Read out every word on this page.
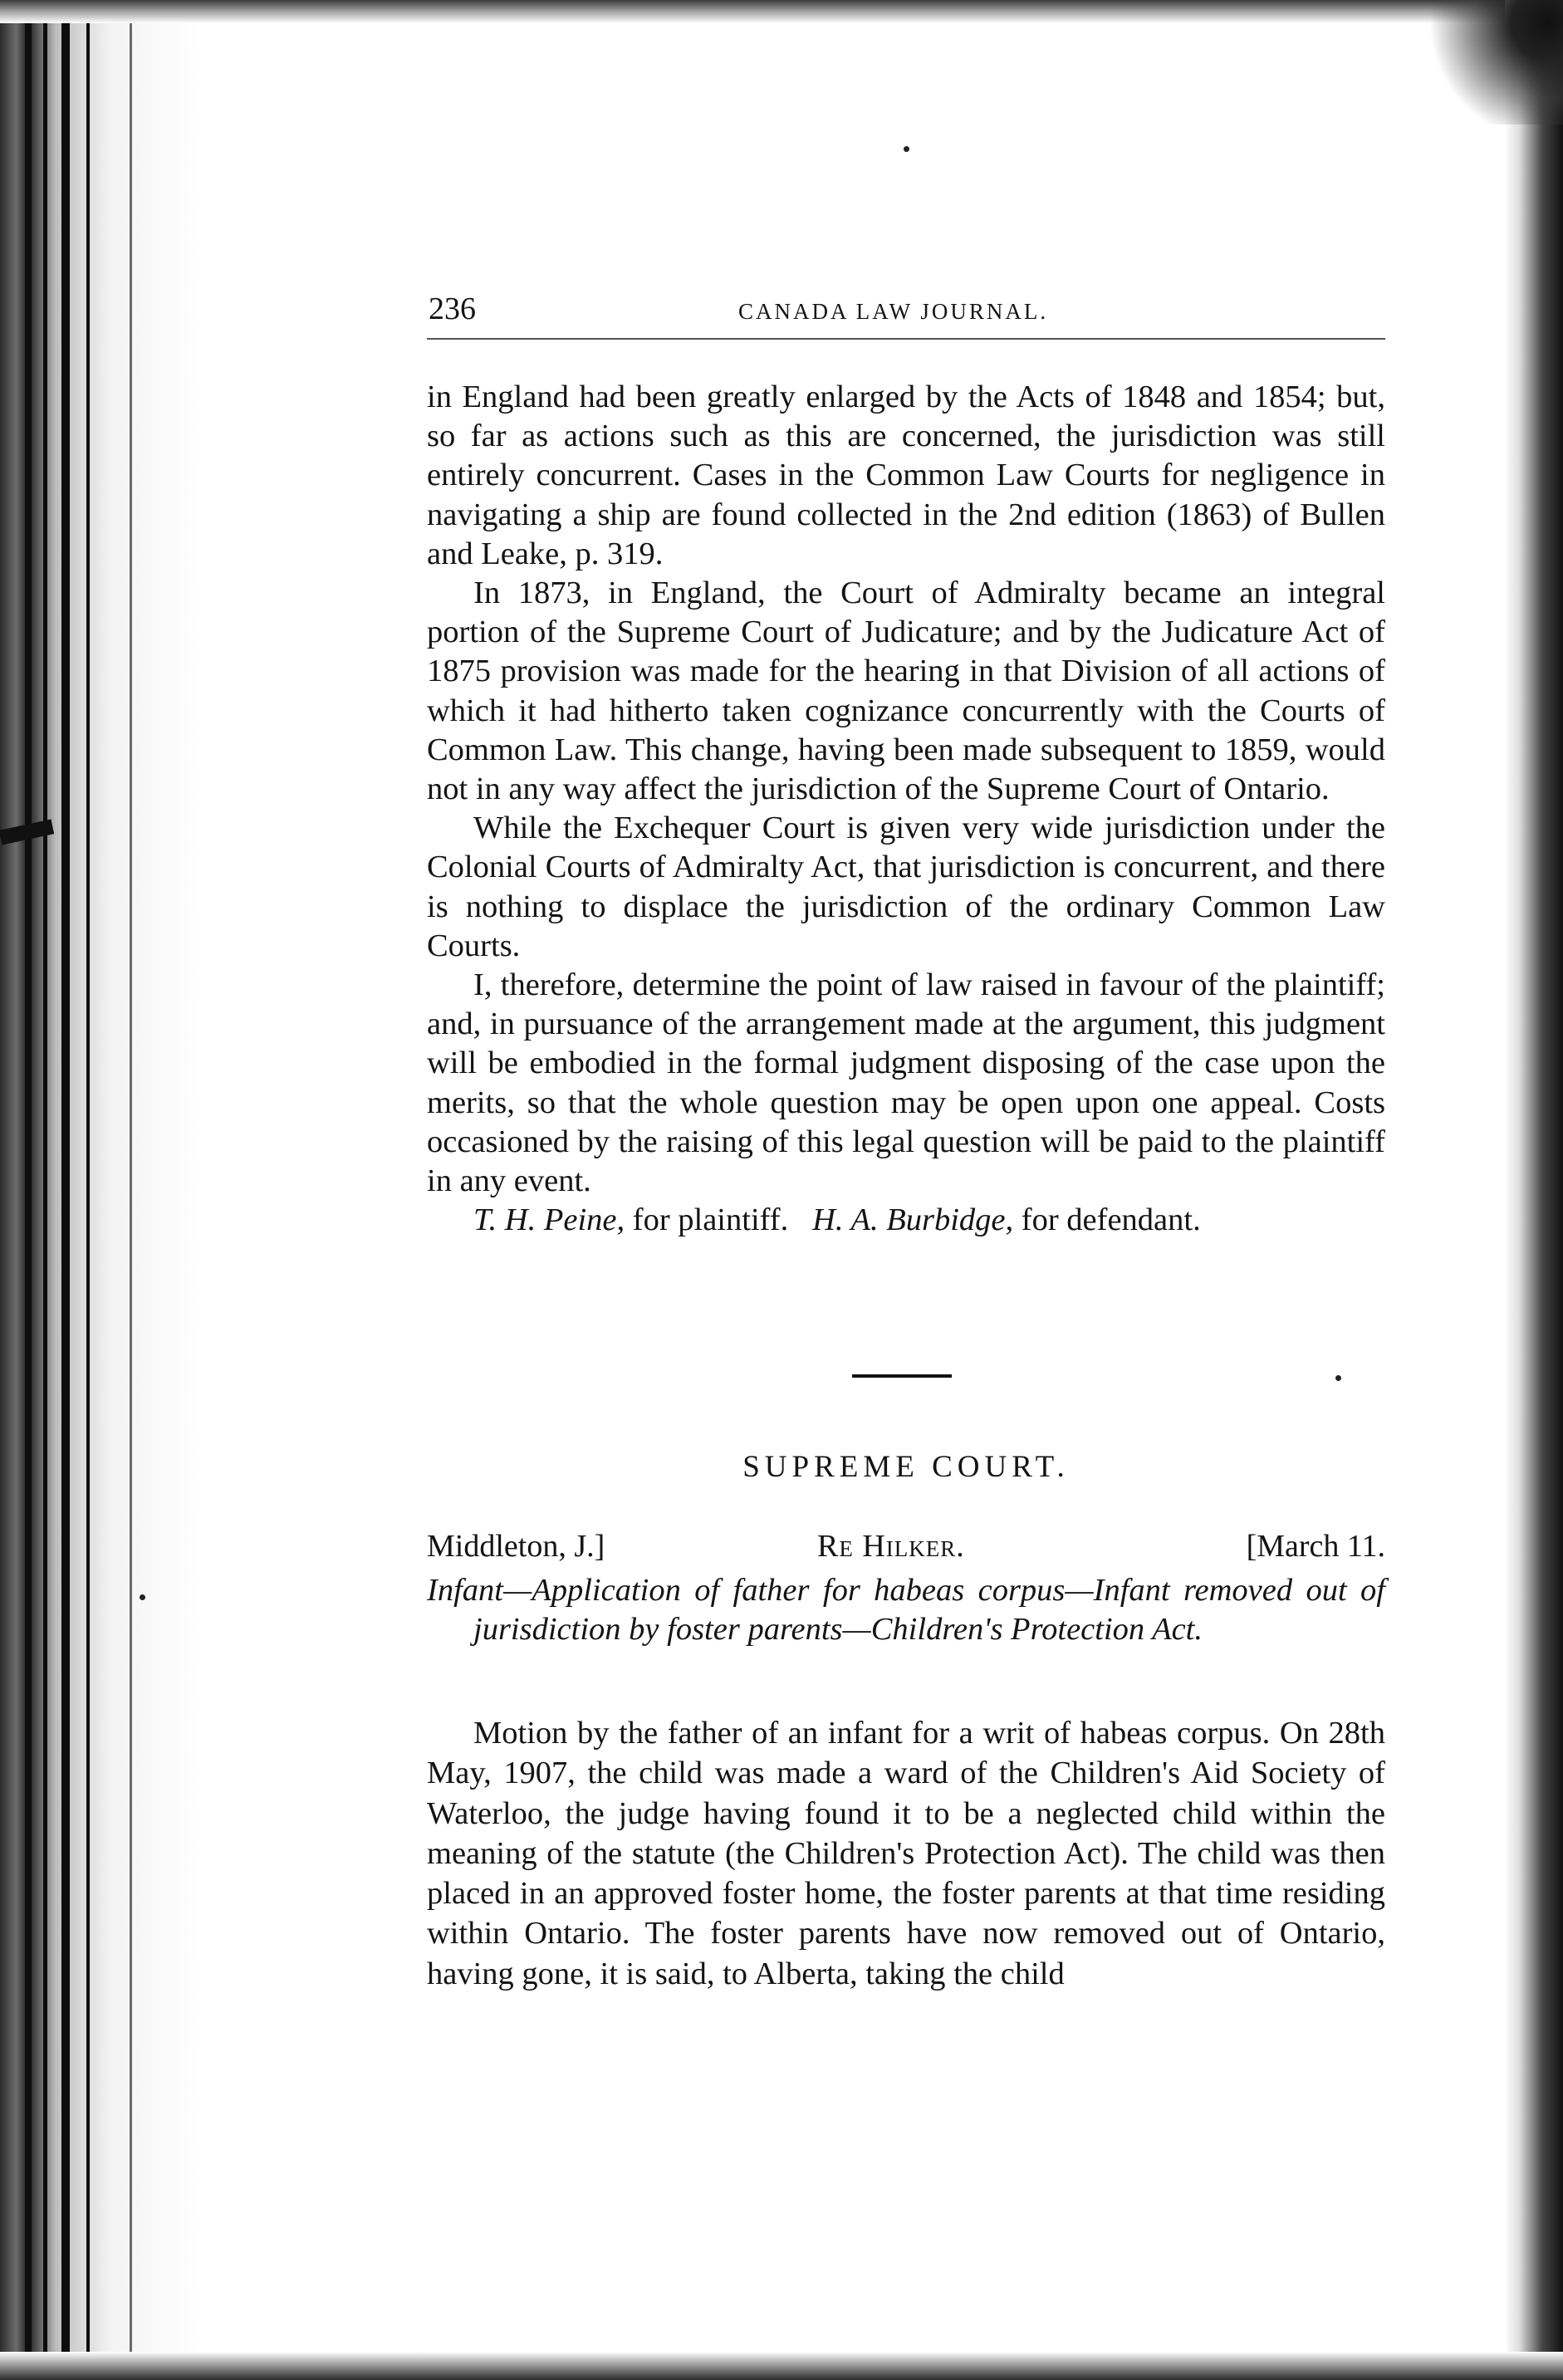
236	CANADA LAW JOURNAL.

in England had been greatly enlarged by the Acts of 1848 and 1854; but, so far as actions such as this are concerned, the jurisdiction was still entirely concurrent. Cases in the Common Law Courts for negligence in navigating a ship are found collected in the 2nd edition (1863) of Bullen and Leake, p. 319.

In 1873, in England, the Court of Admiralty became an integral portion of the Supreme Court of Judicature; and by the Judicature Act of 1875 provision was made for the hearing in that Division of all actions of which it had hitherto taken cognizance concurrently with the Courts of Common Law. This change, having been made subsequent to 1859, would not in any way affect the jurisdiction of the Supreme Court of Ontario.

While the Exchequer Court is given very wide jurisdiction under the Colonial Courts of Admiralty Act, that jurisdiction is concurrent, and there is nothing to displace the jurisdiction of the ordinary Common Law Courts.

I, therefore, determine the point of law raised in favour of the plaintiff; and, in pursuance of the arrangement made at the argument, this judgment will be embodied in the formal judgment disposing of the case upon the merits, so that the whole question may be open upon one appeal. Costs occasioned by the raising of this legal question will be paid to the plaintiff in any event.

T. H. Peine, for plaintiff. H. A. Burbidge, for defendant.

SUPREME COURT.
Middleton, J.]	Re Hilker.	[March 11.

Infant—Application of father for habeas corpus—Infant removed out of jurisdiction by foster parents—Children's Protection Act.

Motion by the father of an infant for a writ of habeas corpus. On 28th May, 1907, the child was made a ward of the Children's Aid Society of Waterloo, the judge having found it to be a neglected child within the meaning of the statute (the Children's Protection Act). The child was then placed in an approved foster home, the foster parents at that time residing within Ontario. The foster parents have now removed out of Ontario, having gone, it is said, to Alberta, taking the child
